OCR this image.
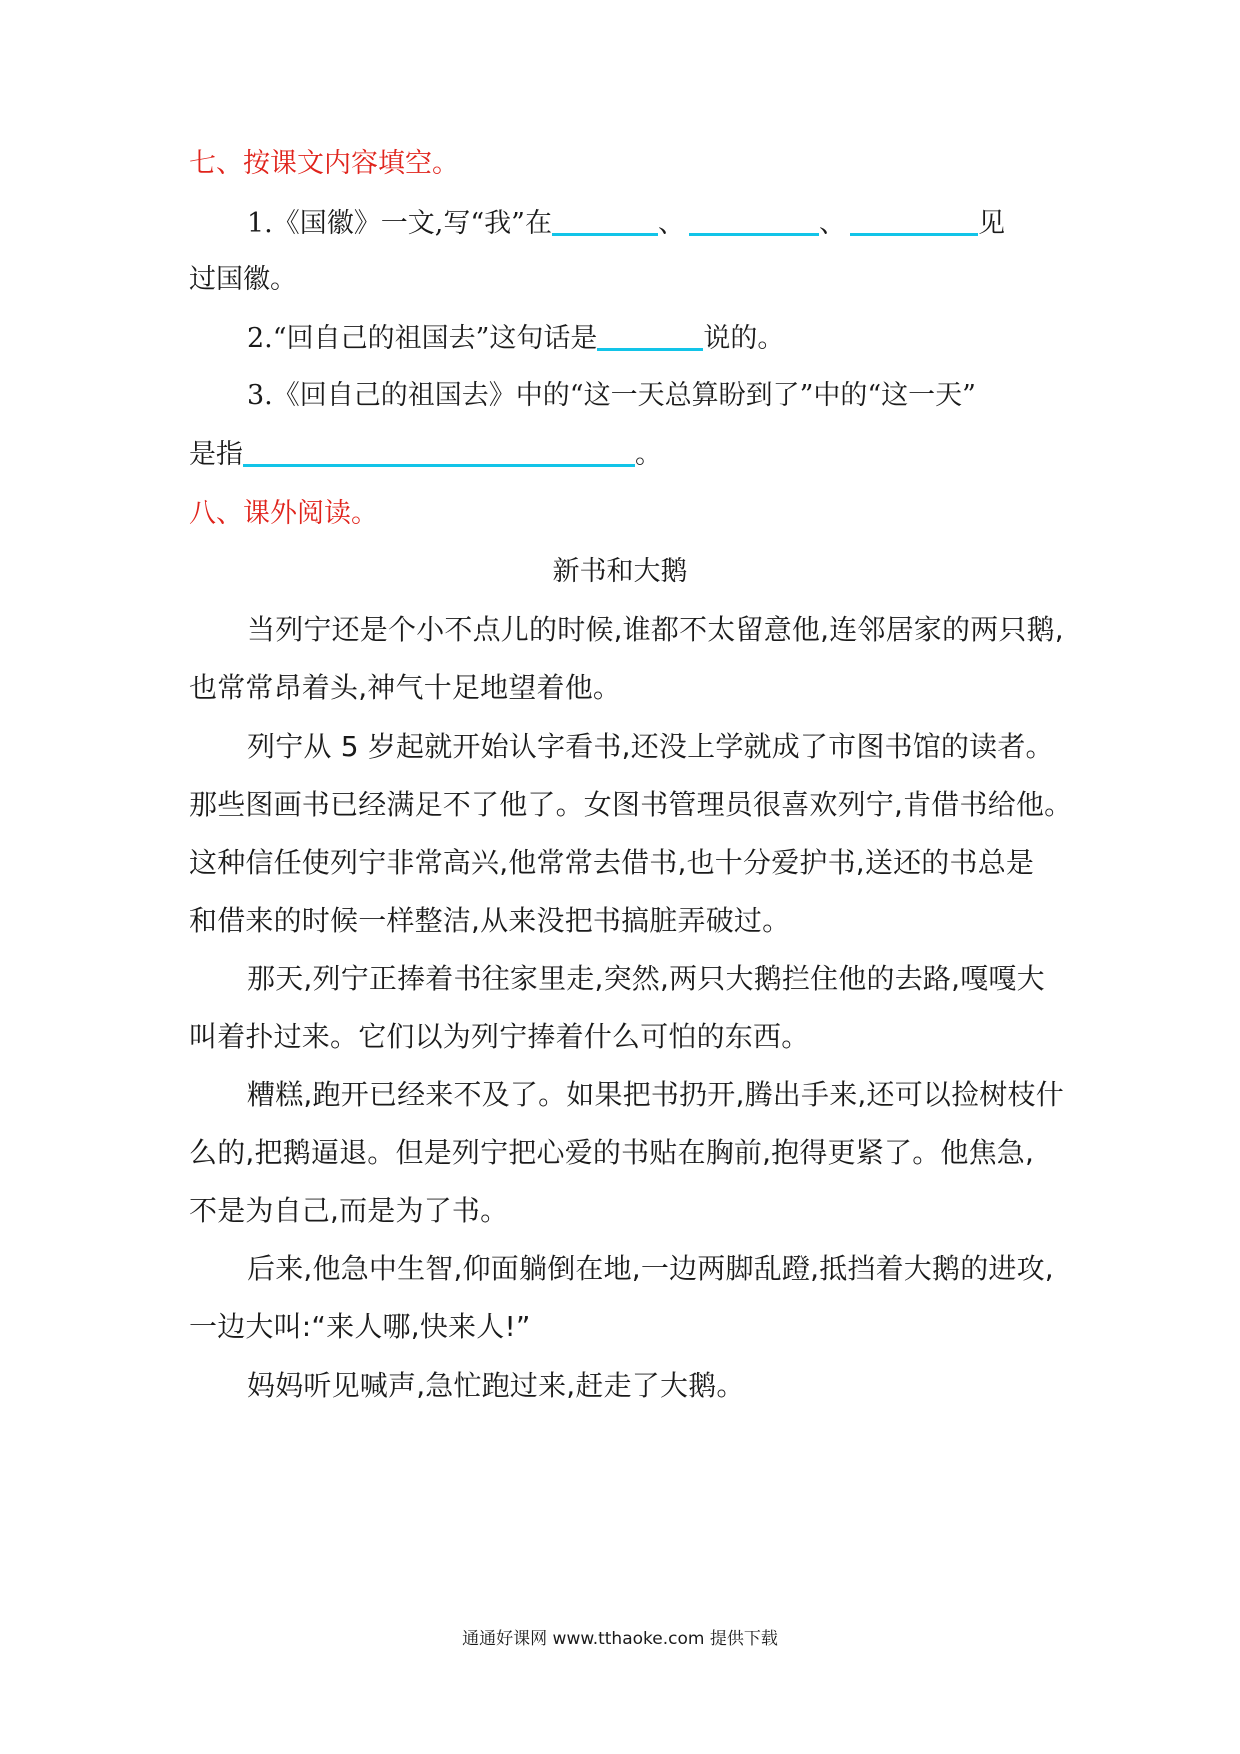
七、按课文内容填空。
1.《国徽》一文,写“我”在	、	、	见
过国徽。
2.“回自己的祖国去”这句话是	说的。
3.《回自己的祖国去》中的“这一天总算盼到了”中的“这一天”
是指	。
八、课外阅读。
新书和大鹅
当列宁还是个小不点儿的时候,谁都不太留意他,连邻居家的两只鹅,
也常常昂着头,神气十足地望着他。
列宁从 5 岁起就开始认字看书,还没上学就成了市图书馆的读者。
那些图画书已经满足不了他了。女图书管理员很喜欢列宁,肯借书给他。
这种信任使列宁非常高兴,他常常去借书,也十分爱护书,送还的书总是
和借来的时候一样整洁,从来没把书搞脏弄破过。
那天,列宁正捧着书往家里走,突然,两只大鹅拦住他的去路,嘎嘎大
叫着扑过来。它们以为列宁捧着什么可怕的东西。
糟糕,跑开已经来不及了。如果把书扔开,腾出手来,还可以捡树枝什
么的,把鹅逼退。但是列宁把心爱的书贴在胸前,抱得更紧了。他焦急,
不是为自己,而是为了书。
后来,他急中生智,仰面躺倒在地,一边两脚乱蹬,抵挡着大鹅的进攻,
一边大叫:“来人哪,快来人!”
妈妈听见喊声,急忙跑过来,赶走了大鹅。
通通好课网 www.tthaoke.com 提供下载
